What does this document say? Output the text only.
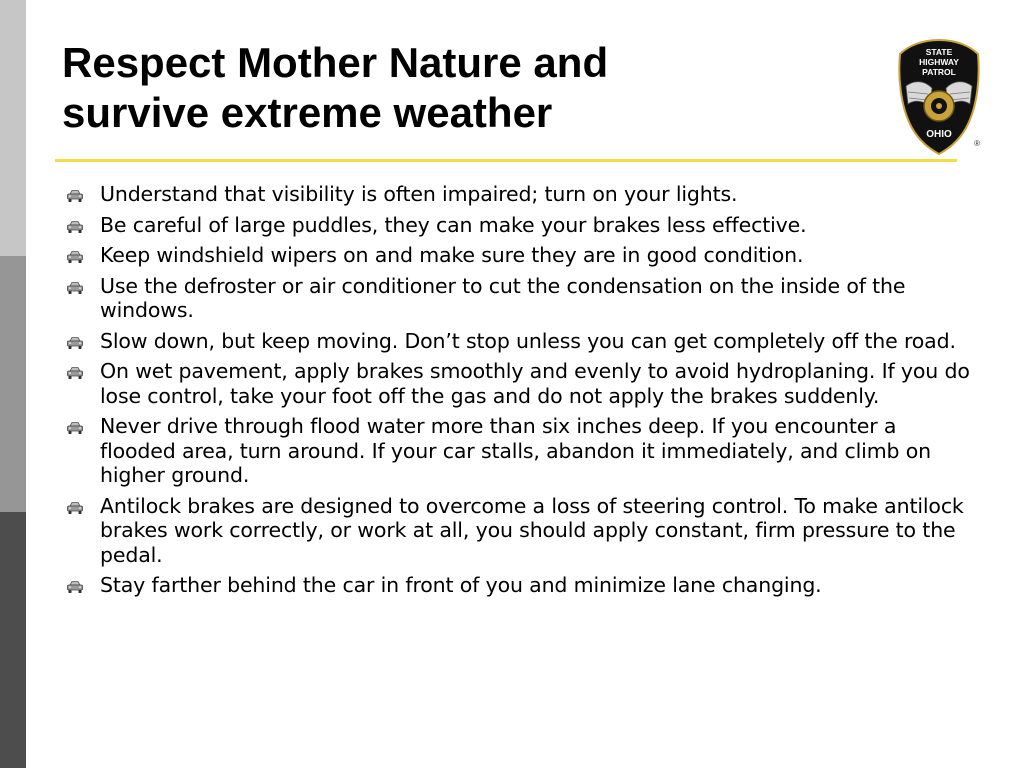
Respect Mother Nature and
survive extreme weather
STATE
HIGHWAY
PATROL
OHIO
®
Understand that visibility is often impaired; turn on your lights.
Be careful of large puddles, they can make your brakes less effective.
Keep windshield wipers on and make sure they are in good condition.
Use the defroster or air conditioner to cut the condensation on the inside of the windows.
Slow down, but keep moving. Don’t stop unless you can get completely off the road.
On wet pavement, apply brakes smoothly and evenly to avoid hydroplaning. If you do lose control, take your foot off the gas and do not apply the brakes suddenly.
Never drive through flood water more than six inches deep. If you encounter a flooded area, turn around. If your car stalls, abandon it immediately, and climb on higher ground.
Antilock brakes are designed to overcome a loss of steering control. To make antilock brakes work correctly, or work at all, you should apply constant, firm pressure to the pedal.
Stay farther behind the car in front of you and minimize lane changing.
